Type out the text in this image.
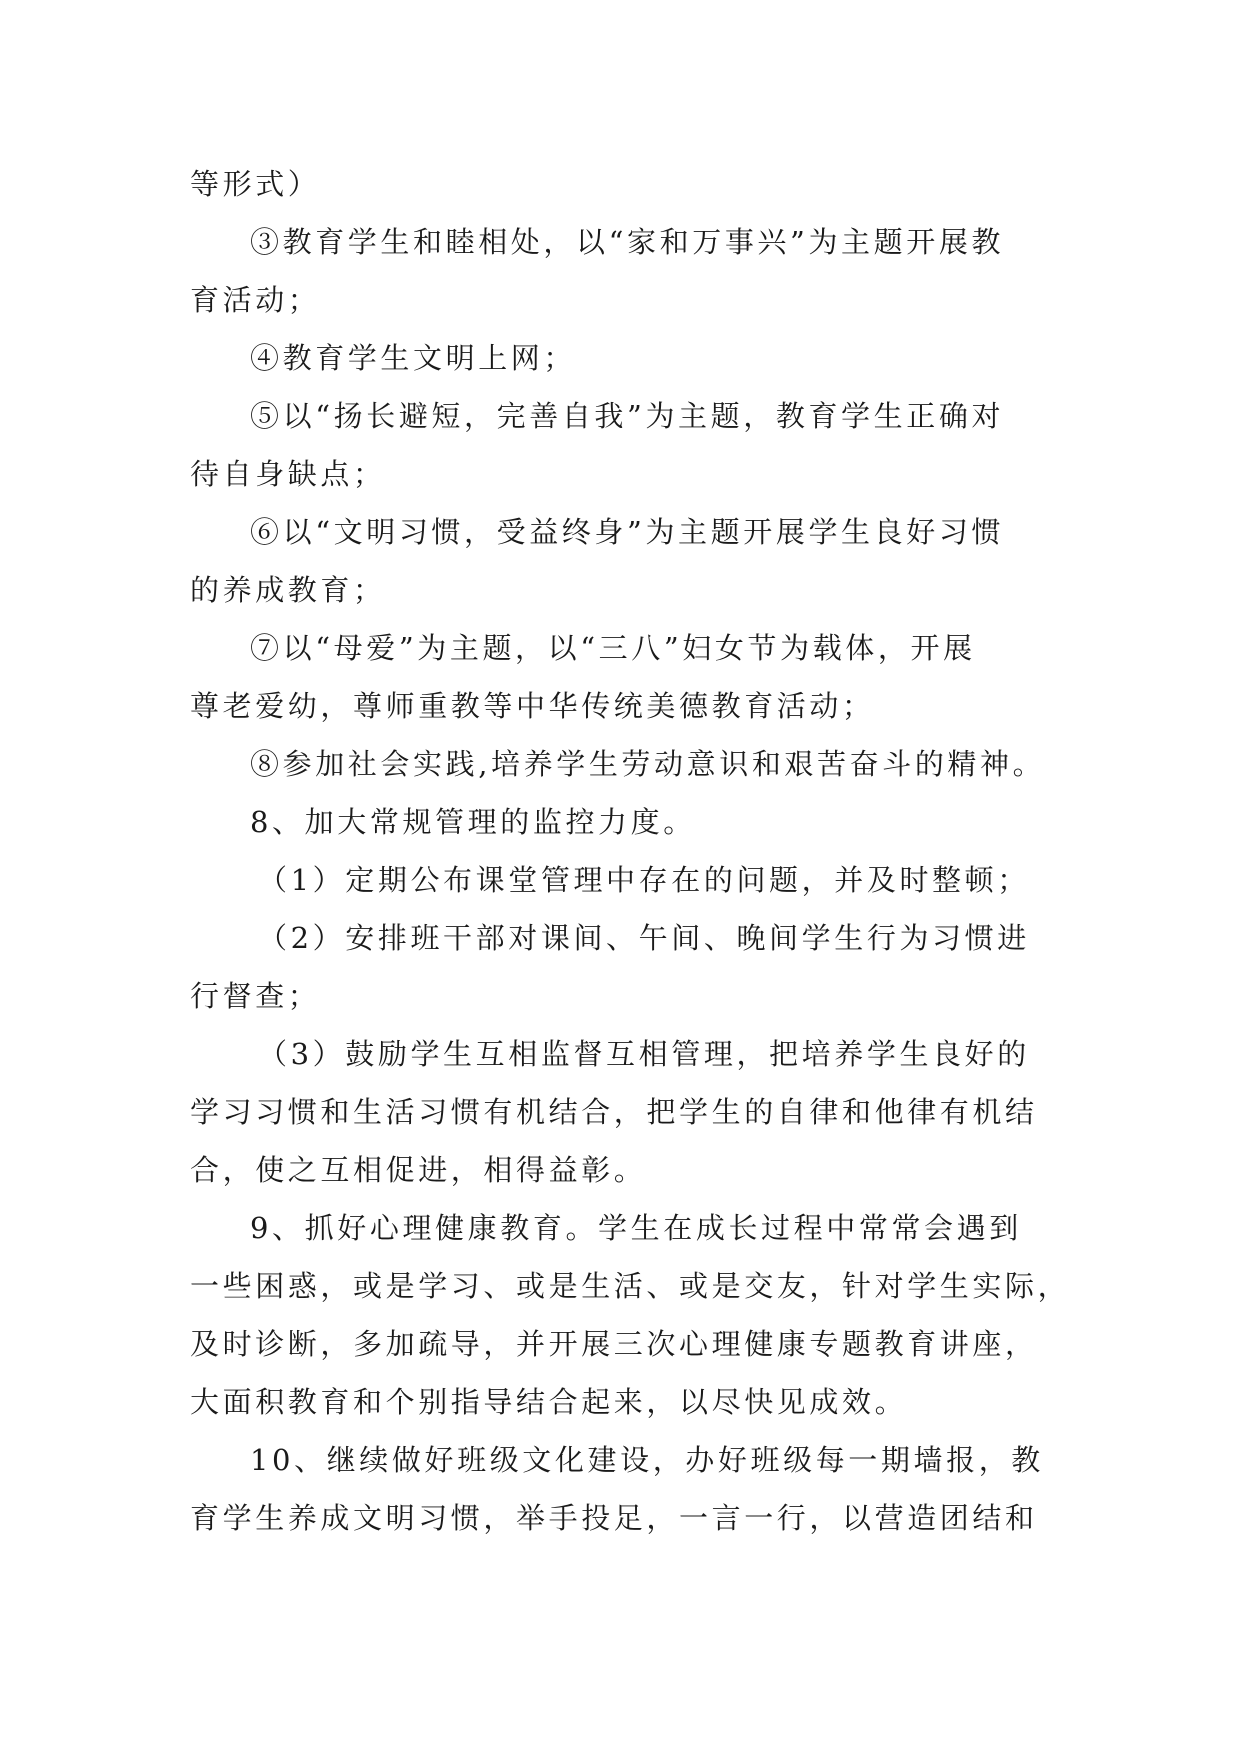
等形式）
③教育学生和睦相处，以“家和万事兴”为主题开展教
育活动；
④教育学生文明上网；
⑤以“扬长避短，完善自我”为主题，教育学生正确对
待自身缺点；
⑥以“文明习惯，受益终身”为主题开展学生良好习惯
的养成教育；
⑦以“母爱”为主题，以“三八”妇女节为载体，开展
尊老爱幼，尊师重教等中华传统美德教育活动；
⑧参加社会实践,培养学生劳动意识和艰苦奋斗的精神。
8、加大常规管理的监控力度。
（1）定期公布课堂管理中存在的问题，并及时整顿；
（2）安排班干部对课间、午间、晚间学生行为习惯进
行督查；
（3）鼓励学生互相监督互相管理，把培养学生良好的
学习习惯和生活习惯有机结合，把学生的自律和他律有机结
合，使之互相促进，相得益彰。
9、抓好心理健康教育。学生在成长过程中常常会遇到
一些困惑，或是学习、或是生活、或是交友，针对学生实际，
及时诊断，多加疏导，并开展三次心理健康专题教育讲座，
大面积教育和个别指导结合起来，以尽快见成效。
10、继续做好班级文化建设，办好班级每一期墙报，教
育学生养成文明习惯，举手投足，一言一行，以营造团结和
